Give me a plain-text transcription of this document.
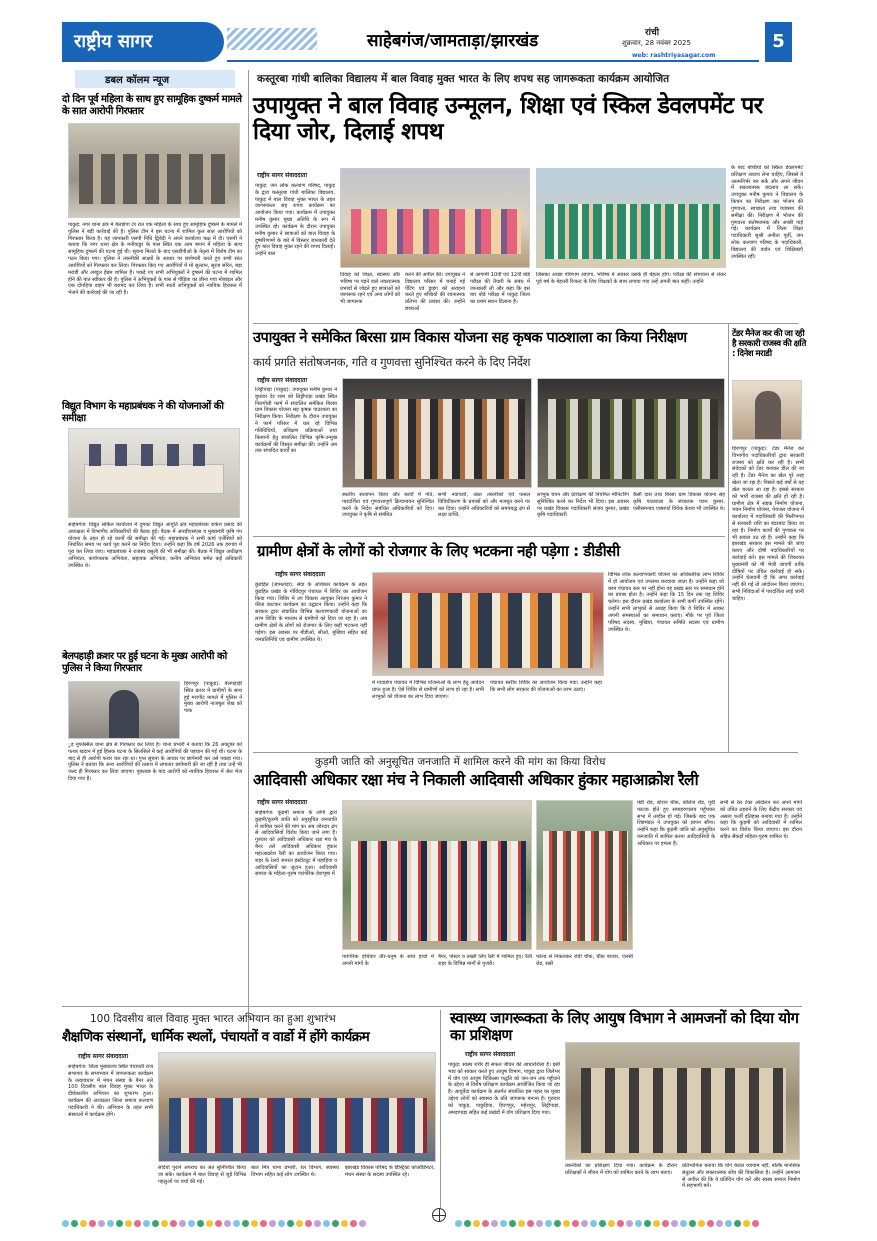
राष्ट्रीय सागर	साहेबगंज/जामताड़ा/झारखंड	रांची
शुक्रवार, 28 नवंबर 2025
web: rashtriyasagar.com
5
डबल कॉलम न्यूज
दो दिन पूर्व महिला के साथ हुए सामूहिक दुष्कर्म मामले के सात आरोपी गिरफ्तार
पाकुड़: नगर थाना क्षेत्र में बेलडांगा टेर रात एक महिला के साथ हुए सामूहिक दुष्कर्म के मामले में पुलिस ने बड़ी कार्रवाई की है। पुलिस टीम ने इस घटना में शामिल कुल सात आरोपियों को गिरफ्तार किया है। यह जानकारी एसपी निधि द्विवेदी ने अपने कार्यालय कक्ष में दी। एसपी ने बताया कि नगर थाना क्षेत्र के मनीयाडुर के पास स्थित एक आम बगान में महिला के साथ सामूहिक दुष्कर्म की घटना हुई थी। सूचना मिलते के बाद एसडीपीओ के नेतृत्व में विशेष टीम का गठन किया गया। पुलिस ने तकनीकी साक्ष्यों के आधार पर छापेमारी करते हुए सभी सात आरोपियों को गिरफ्तार कर लिया। गिरफ्तार किए गए आरोपियों में मो सुल्तान, सूरज सोरेन, बड़ा मरांडी और अब्दुल हेंब्रम शामिल हैं। पकड़े गए सभी अभियुक्तों ने दुष्कर्म की घटना में शामिल होने की बात स्वीकार की है। पुलिस ने अभियुक्तों के पास से पीड़िता का छीना गया मोबाइल और एक दोपहिया वाहन भी बरामद कर लिया है। सभी सातों अभियुक्तों को न्यायिक हिरासत में भेजने की कार्रवाई की जा रही है।
विद्युत विभाग के महाप्रबंधक ने की योजनाओं की समीक्षा
साहेबगंज: विद्युत सर्किल कार्यालय में दुमका विद्युत आपूर्ति क्षेत्र महाप्रबंधक राकेश प्रसाद की अध्यक्षता में विभागीय अधिकारियों की बैठक हुई। बैठक में आरडीएसएस व मुख्यमंत्री कृषि पंप योजना के तहत हो रहे कार्यों की समीक्षा की गई। महाप्रबंधक ने सभी कार्य एजेंसियों को निर्धारित समय पर कार्य पूरा करने का निर्देश दिया। उन्होंने कहा कि वर्ष 2026 तक हरगांव में पूरा कर लिया जाए। महाप्रबंधक ने राजस्व वसूली की भी समीक्षा की। बैठक में विद्युत अधीक्षण अभियंता, कार्यपालक अभियंता, सहायक अभियंता, कनीय अभियंता समेत कई अधिकारी उपस्थित थे।
बेलपहाड़ी क्रशर पर हुई घटना के मुख्य आरोपी को पुलिस ने किया गिरफ्तार
हिरणपुर (पाकुड़): बेलपहाड़ी स्थित क्रशर में ग्रामीणों के साथ हुई मारपीट मामले में पुलिस ने मुख्य आरोपी नाजबुल शेख को पाक
ुड़ मुफस्सिल थाना क्षेत्र से गिरफ्तार कर लिया है। थाना प्रभारी ने बताया कि 26 अक्टूबर को पत्थर खदान में हुई हिंसक घटना के सिलसिले में कई आरोपियों की पहचान की गई थी। घटना के बाद से ही आरोपी फरार चल रहा था। गुप्त सूचना के आधार पर छापेमारी कर उसे पकड़ा गया। पुलिस ने बताया कि अन्य आरोपियों की तलाश में लगातार छापेमारी की जा रही है तथा उन्हें भी जल्द ही गिरफ्तार कर लिया जाएगा। पूछताछ के बाद आरोपी को न्यायिक हिरासत में जेल भेज दिया गया है।
कस्तूरबा गांधी बालिका विद्यालय में बाल विवाह मुक्त भारत के लिए शपथ सह जागरूकता कार्यक्रम आयोजित
उपायुक्त ने बाल विवाह उन्मूलन, शिक्षा एवं स्किल डेवलपमेंट पर दिया जोर, दिलाई शपथ
राष्ट्रीय सागर संवाददाता
पाकुड़: जन लोक कल्याण परिषद, पाकुड़ के द्वारा कस्तूरबा गांधी बालिका विद्यालय, पाकुड़ में बाल विवाह मुक्त भारत के तहत जागरूकता सह शपथ कार्यक्रम का आयोजन किया गया। कार्यक्रम में उपायुक्त मनीष कुमार मुख्य अतिथि के रूप में उपस्थित रहे। कार्यक्रम के दौरान उपायुक्त मनीष कुमार ने छात्राओं को बाल विवाह के दुष्परिणामों के बारे में विस्तार जानकारी देते हुए बाल विवाह मुक्त रहने की शपथ दिलाई। उन्होंने बाल
विवाह को शिक्षा, स्वास्थ्य और भविष्य पर पड़ने वाले नकारात्मक प्रभावों से जोड़ते हुए छात्राओं को जागरूक रहने एवं अन्य लोगों को भी जागरूक
करने की अपील की। उपायुक्त ने विद्यालय परिसर में बनाई गई पेंटिंग एवं ड्राइंग को सराहना करते हुए बच्चियों की रचनात्मक प्रतिभा की प्रशंसा की। उन्होंने छात्राओं
से आगामी 10वीं एवं 12वीं बोर्ड परीक्षा की तैयारी के संबंध में जानकारी ली और कहा कि इस बार बोर्ड परीक्षा में पाकुड़ जिला का प्रथम स्थान दिलाना है।
जिसका अच्छा परिणाम आएगा, भविष्य में अवसर उसके ही बेहतर होंगे। परीक्षा की संभावना से लेकर पूर्व बर्ष के बेहतरी रिजल्ट के लिए शिक्षकों के साथ लगाया गया उन्हें अपनी बात कहीं। उन्होंने
के बाद बच्चियों को स्किल डेवलपमेंट प्रशिक्षण अवश्य लेना चाहिए, जिससे वे आत्मनिर्भर बन सकें और अपने जीवन में सकारात्मक बदलाव ला सकें। उपायुक्त मनीष कुमार ने विद्यालय के किचन का निरीक्षण कर भोजन की गुणवत्ता, स्वच्छता तथा व्यवस्था की समीक्षा की। निरीक्षण में भोजन की गुणवत्ता संतोषजनक और अच्छी पाई गई। कार्यक्रम में जिला शिक्षा पदाधिकारी सुश्री अनीता पूर्ती, जन लोक कल्याण परिषद के पदाधिकारी, विद्यालय की वार्डन एवं शिक्षिकाएँ उपस्थित रहीं।
उपायुक्त ने समेकित बिरसा ग्राम विकास योजना सह कृषक पाठशाला का किया निरीक्षण
कार्य प्रगति संतोषजनक, गति व गुणवत्ता सुनिश्चित करने के दिए निर्देश
राष्ट्रीय सागर संवाददाता
लिट्टीपाड़ा (पाकुड़): उपायुक्त मनीष कुमार ने बुधवार देर शाम को लिट्टीपाड़ा प्रखंड स्थित गिलगोली फार्म में संचालित समेकित बिरसा ग्राम विकास योजना सह कृषक पाठशाला का निरीक्षण किया। निरीक्षण के दौरान उपायुक्त ने फार्म परिसर में चल रहे विभिन्न गतिविधियों, प्रशिक्षण प्रक्रियाओं तथा किसानों हेतु संचालित विभिन्न कृषि-उन्मुख कार्यक्रमों की विस्तृत समीक्षा की। उन्होंने अब तक संपादित कार्यों का
स्थलीय सत्यापन किया और कार्यों में गति, पारदर्शिता एवं गुणवत्तापूर्ण क्रियान्वयन सुनिश्चित करने के निर्देश संबंधित अधिकारियों को दिए। उपायुक्त ने कृषि से संबंधित
सभी नवाचारों, उन्नत तकनीकों एवं फसल विविधीकरण के प्रयासों को और मजबूत करने पर बल दिया। उन्होंने अधिकारियों को समयबद्ध ढंग से लक्ष्य प्राप्ति,
लाभुक चयन और प्रशिक्षण की नियमित मॉनिटरिंग सुनिश्चित करने का निर्देश भी दिया। इस अवसर पर प्रखंड विकास पदाधिकारी संजय कुमार, प्रखंड कृषि पदाधिकारी
कैसी दास तथा बिरसा ग्राम विकास योजना सह कृषि पाठशाला के संचालक पवन कुमार, एसीसमन्वय एक्सपर्ट विवेक केशव भी उपस्थित थे।
टेंडर मैनेज कर की जा रही है सरकारी राजस्व की क्षति : दिनेश मराडी
हिरणपुर (पाकुड़): टेंडर मैनेज कर विभागीय पदाधिकारियों द्वारा सरकारी राजस्व को क्षति कर रही है। सभी संवेदकों को टेंडर बनाकर डील की जा रही है। टेंडर मैनेज का खेल पूरे तरह खेला जा रहा है। पिछले कई वर्षों से यह खेल चलता आ रहा है। इससे सरकार को भारी राजस्व की क्षति हो रही है। ग्रामीण क्षेत्र में सड़क निर्माण योजना, भवन निर्माण योजना, पेयजल योजना में कार्यालय में पदाधिकारी की मिलीभगत से सरकारी राशि का बंदरबांट किया जा रहा है। निर्माण कार्यों की गुणवत्ता पर भी सवाल उठ रहे हैं। उन्होंने कहा कि झारखंड सरकार इस मामले की जांच कराए और दोषी पदाधिकारियों पर कार्रवाई करे। इस मामले की शिकायत मुख्यमंत्री को भी भेजी जाएगी ताकि दोषियों पर उचित कार्रवाई हो सके। उन्होंने चेतावनी दी कि अगर कार्रवाई नहीं की गई तो आंदोलन किया जाएगा। सभी निविदाओं में पारदर्शिता लाई जानी चाहिए।
ग्रामीण क्षेत्रों के लोगों को रोजगार के लिए भटकना नही पड़ेगा : डीडीसी
राष्ट्रीय सागर संवाददाता
कुंडहित (जामताड़ा): सेवा के अधिकार कार्यक्रम के तहत कुंडहित प्रखंड के गोविंदपुर पंचायत में शिविर का आयोजन किया गया। शिविर में उप विकास आयुक्त निरंजन कुमार ने फीता काटकर कार्यक्रम का उद्घाटन किया। उन्होंने कहा कि सरकार द्वारा संचालित विभिन्न कल्याणकारी योजनाओं का लाभ शिविर के माध्यम से ग्रामीणों को दिया जा रहा है। अब ग्रामीण क्षेत्रों के लोगों को रोजगार के लिए कहीं भटकना नहीं पड़ेगा। इस अवसर पर बीडीओ, सीओ, मुखिया सहित कई जनप्रतिनिधि एवं ग्रामीण उपस्थित थे।
में गावाडंगा पंचायत में विभिन्न योजनाओं के लाभ हेतु आवेदन प्राप्त हुआ है। ऐसे शिविर से ग्रामीणों को लाभ हो रहा है। सभी लाभुकों को योजना का लाभ दिया जाएगा।
पंचायत स्तरीय शिविर का आयोजन किया गया। उन्होंने कहा कि सभी लोग सरकार की योजनाओं का लाभ उठाएं।
विभिन्न लोक कल्याणकारी योजना का अधिकारिक लाभ शिविर में हो आयोजन एवं उपलब्ध करवाया जाता है। उन्होंने कहा जो काम पंचायत स्तर पर नहीं होना वह प्रखंड स्तर पर समाधान होने का प्रयास होता है। उन्होंने कहा कि 15 दिन तक यह शिविर चलेगा। इस दौरान प्रखंड कार्यालय के सभी कर्मी उपस्थित रहेंगे। उन्होंने सभी लाभुकों से आग्रह किया कि वे शिविर में आकर अपनी समस्याओं का समाधान कराएं। मौके पर पूर्व जिला परिषद सदस्य, मुखिया, पंचायत समिति सदस्य एवं ग्रामीण उपस्थित थे।
कुड़मी जाति को अनुसूचित जनजाति में शामिल करने की मांग का किया विरोध
आदिवासी अधिकार रक्षा मंच ने निकाली आदिवासी अधिकार हुंकार महाआक्रोश रैली
राष्ट्रीय सागर संवाददाता
साहेबगंज: कुड़मी समाज के लोगों द्वारा कुड़मी/कुरमी जाति को अनुसूचित जनजाति में शामिल करने की मांग का अब जोरदार ढंग से आदिवासियों विरोध किया जाने लगा है। गुरुवार को आदिवासी अधिकार रक्षा मंच के बैनर तले आदिवासी अधिकार हुंकार महाआक्रोश रैली का आयोजन किया गया। शहर के रेलवे जनरल इंस्टीट्यूट में पहाड़िया व आदिवासियों का जुटान हुआ। आदिवासी समाज के महिला-पुरुष पारंपरिक वेशभूषा में
पारंपरिक हथियार तीर-धनुष के साथ हाथों में अपनी मांगों के
बैनर, पोस्टर व तख्ती लिए रैली में शामिल हुए। रैली शहर के विभिन्न मार्गों से गुजरी।
फोल्ड से निकलकर रांची चौक, चौक बाजार, एलसी रोड, सन्नी
मंडी रोड, स्टेशन चौक, कॉलेज रोड, पूर्वी फाटक होते हुए समाहरणालय पहुँचकर सभा में तब्दील हो गई। जिसके बाद एक शिष्टमंडल ने उपायुक्त को ज्ञापन सौंपा। उन्होंने कहा कि कुड़मी जाति को अनुसूचित जनजाति में शामिल करना आदिवासियों के अधिकार पर हमला है।
सभी से रेल टेका आंदोलन कर अपने मांगों को उचित ठहराने के लिए केंद्रीय सरकार एवं असत्य फर्जी इतिहास बनाया गया है। उन्होंने कहा कि कुड़मी को आदिवासी में शामिल करने का विरोध किया जाएगा। इस दौरान सहित सैकड़ों महिला-पुरुष शामिल थे।
100 दिवसीय बाल विवाह मुक्त भारत अभियान का हुआ शुभारंभ
शैक्षणिक संस्थानों, धार्मिक स्थलों, पंचायतों व वार्डो में होंगे कार्यक्रम
राष्ट्रीय सागर संवाददाता
साहेबगंज: जिला मुख्यालय स्थित पंचायती राज सभागार के सभाभवन में जागरूकता कार्यक्रम के तत्वावधान में मंथन संस्था के बैनर तले 100 दिवसीय बाल विवाह मुक्त भारत के दीर्घकालीन अभियान का शुभारंभ हुआ। कार्यक्रम की अध्यक्षता जिला समाज कल्याण पदाधिकारी ने की। अभियान के तहत सभी संस्थाओं में कार्यक्रम होंगे।
सदियों पुराने अपराध का अंत सुनिश्चित किया जा सके। कार्यक्रम में बाल विवाह से जुड़े विभिन्न पहलुओं पर चर्चा की गई।
बाल मित्र थाना प्रभारी, रेल विभाग, स्वास्थ्य विभाग सहित कई लोग उपस्थित थे।
झारखंड विकास परिषद के डिस्ट्रिक्ट कोऑर्डिनेटर, मंथन संस्था के सदस्य उपस्थित रहे।
स्वास्थ्य जागरूकता के लिए आयुष विभाग ने आमजनों को दिया योग का प्रशिक्षण
राष्ट्रीय सागर संवाददाता
पाकुड़: स्वस्थ शरीर ही सफल जीवन की आधारशिला है। इसी भाव को साकार करते हुए आयुष विभाग, पाकुड़ द्वारा जिलेभर में योग एवं आयुष चिकित्सा पद्धति को जन-जन तक पहुँचाने के उद्देश्य से विशेष प्रशिक्षण कार्यक्रम आयोजित किया जा रहा है। आयुर्वेदा कार्यक्रम के अंतर्गत संचालित इस पहल का मुख्य उद्देश्य लोगों को स्वास्थ्य के प्रति जागरूक बनाना है। गुरुवार को पाकुड़, पाकुड़िया, हिरणपुर, महेशपुर, लिट्टीपाड़ा, अमड़ापाड़ा सहित कई प्रखंडों में योग प्रशिक्षण दिया गया।
तकनीकों का प्रशिक्षण दिया गया। कार्यक्रम के दौरान प्रशिक्षकों ने जीवन में योग को शामिल करने के लाभ बताए।
प्रतिभागिता बताया कि योग केवल व्यायाम नहीं, बल्कि मानसिक संतुलन और सकारात्मक सोच की विकासिता है। उन्होंने आमजन से अपील की कि वे प्रतिदिन योग करें और स्वस्थ समाज निर्माण में सहभागी बनें।
